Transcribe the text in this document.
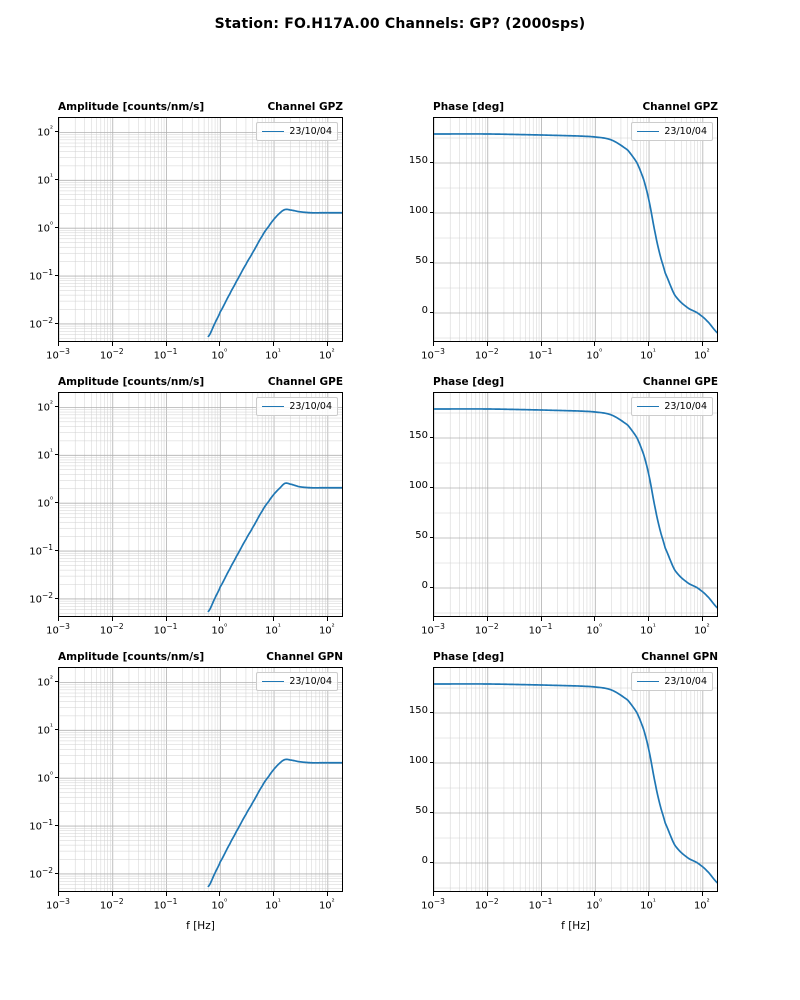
Station: FO.H17A.00 Channels: GP? (2000sps)
Amplitude [counts/nm/s]	Channel GPZ
23/10/04
$10^{-3}$	$10^{-2}$	$10^{-1}$	$10^{^0}$	$10^{^1}$	$10^{^2}$
$10^{-2}$
$10^{-1}$
$10^{^0}$
$10^{^1}$
$10^{^2}$
Phase [deg]	Channel GPZ
23/10/04
$10^{-3}$	$10^{-2}$	$10^{-1}$	$10^{^0}$	$10^{^1}$	$10^{^2}$
0
50
100
150
Amplitude [counts/nm/s]	Channel GPE
23/10/04
$10^{-3}$	$10^{-2}$	$10^{-1}$	$10^{^0}$	$10^{^1}$	$10^{^2}$
$10^{-2}$
$10^{-1}$
$10^{^0}$
$10^{^1}$
$10^{^2}$
Phase [deg]	Channel GPE
23/10/04
$10^{-3}$	$10^{-2}$	$10^{-1}$	$10^{^0}$	$10^{^1}$	$10^{^2}$
0
50
100
150
Amplitude [counts/nm/s]	Channel GPN
23/10/04
$10^{-3}$	$10^{-2}$	$10^{-1}$	$10^{^0}$	$10^{^1}$	$10^{^2}$
$10^{-2}$
$10^{-1}$
$10^{^0}$
$10^{^1}$
$10^{^2}$
f [Hz]
Phase [deg]	Channel GPN
23/10/04
$10^{-3}$	$10^{-2}$	$10^{-1}$	$10^{^0}$	$10^{^1}$	$10^{^2}$
0
50
100
150
f [Hz]
